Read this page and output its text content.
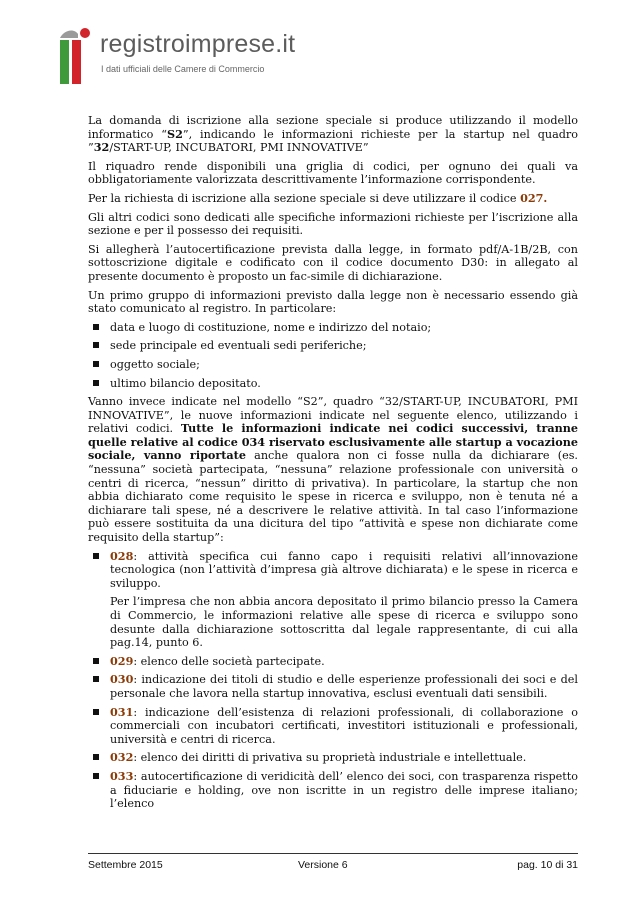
registroimprese.it
I dati ufficiali delle Camere di Commercio

La domanda di iscrizione alla sezione speciale si produce utilizzando il modello informatico “S2”, indicando le informazioni richieste per la startup nel quadro ”32/START-UP, INCUBATORI, PMI INNOVATIVE”

Il riquadro rende disponibili una griglia di codici, per ognuno dei quali va obbligatoriamente valorizzata descrittivamente l’informazione corrispondente.

Per la richiesta di iscrizione alla sezione speciale si deve utilizzare il codice 027.

Gli altri codici sono dedicati alle specifiche informazioni richieste per l’iscrizione alla sezione e per il possesso dei requisiti.

Si allegherà l’autocertificazione prevista dalla legge, in formato pdf/A-1B/2B, con sottoscrizione digitale e codificato con il codice documento D30: in allegato al presente documento è proposto un fac-simile di dichiarazione.

Un primo gruppo di informazioni previsto dalla legge non è necessario essendo già stato comunicato al registro. In particolare:

data e luogo di costituzione, nome e indirizzo del notaio;
sede principale ed eventuali sedi periferiche;
oggetto sociale;
ultimo bilancio depositato.

Vanno invece indicate nel modello “S2”, quadro “32/START-UP, INCUBATORI, PMI INNOVATIVE”, le nuove informazioni indicate nel seguente elenco, utilizzando i relativi codici. Tutte le informazioni indicate nei codici successivi, tranne quelle relative al codice 034 riservato esclusivamente alle startup a vocazione sociale, vanno riportate anche qualora non ci fosse nulla da dichiarare (es. “nessuna” società partecipata, “nessuna” relazione professionale con università o centri di ricerca, “nessun” diritto di privativa). In particolare, la startup che non abbia dichiarato come requisito le spese in ricerca e sviluppo, non è tenuta né a dichiarare tali spese, né a descrivere le relative attività. In tal caso l’informazione può essere sostituita da una dicitura del tipo “attività e spese non dichiarate come requisito della startup”:

028: attività specifica cui fanno capo i requisiti relativi all’innovazione tecnologica (non l’attività d’impresa già altrove dichiarata) e le spese in ricerca e sviluppo.

Per l’impresa che non abbia ancora depositato il primo bilancio presso la Camera di Commercio, le informazioni relative alle spese di ricerca e sviluppo sono desunte dalla dichiarazione sottoscritta dal legale rappresentante, di cui alla pag.14, punto 6.

029: elenco delle società partecipate.
030: indicazione dei titoli di studio e delle esperienze professionali dei soci e del personale che lavora nella startup innovativa, esclusi eventuali dati sensibili.
031: indicazione dell’esistenza di relazioni professionali, di collaborazione o commerciali con incubatori certificati, investitori istituzionali e professionali, università e centri di ricerca.
032: elenco dei diritti di privativa su proprietà industriale e intellettuale.
033: autocertificazione di veridicità dell’ elenco dei soci, con trasparenza rispetto a fiduciarie e holding, ove non iscritte in un registro delle imprese italiano; l’elenco
Settembre 2015	Versione 6	pag. 10 di 31
